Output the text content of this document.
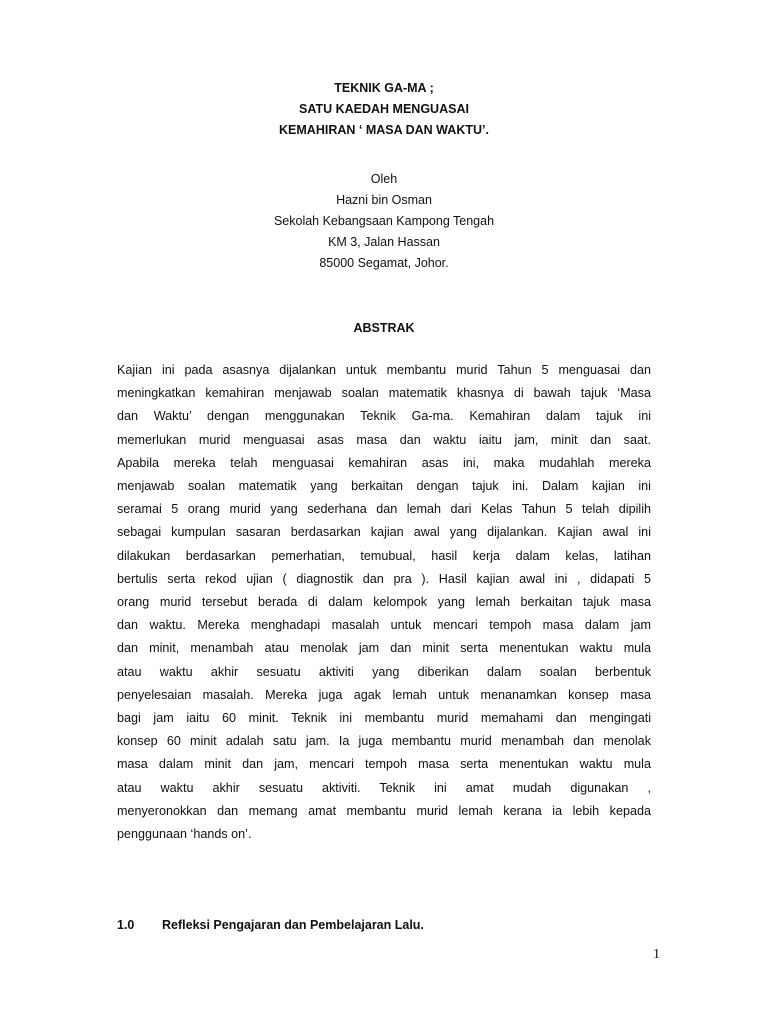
TEKNIK GA-MA ;
SATU KAEDAH MENGUASAI
KEMAHIRAN ‘ MASA DAN WAKTU’.
Oleh
Hazni bin Osman
Sekolah Kebangsaan Kampong Tengah
KM 3, Jalan Hassan
85000 Segamat, Johor.
ABSTRAK
Kajian ini pada asasnya dijalankan untuk membantu murid Tahun 5 menguasai dan
meningkatkan kemahiran menjawab soalan matematik khasnya di bawah tajuk ‘Masa
dan Waktu’ dengan menggunakan Teknik Ga-ma. Kemahiran dalam tajuk ini
memerlukan murid menguasai asas masa dan waktu iaitu jam, minit dan saat.
Apabila mereka telah menguasai kemahiran asas ini, maka mudahlah mereka
menjawab soalan matematik yang berkaitan dengan tajuk ini. Dalam kajian ini
seramai 5 orang murid yang sederhana dan lemah dari Kelas Tahun 5 telah dipilih
sebagai kumpulan sasaran berdasarkan kajian awal yang dijalankan. Kajian awal ini
dilakukan berdasarkan pemerhatian, temubual, hasil kerja dalam kelas, latihan
bertulis serta rekod ujian ( diagnostik dan pra ). Hasil kajian awal ini , didapati 5
orang murid tersebut berada di dalam kelompok yang lemah berkaitan tajuk masa
dan waktu. Mereka menghadapi masalah untuk mencari tempoh masa dalam jam
dan minit, menambah atau menolak jam dan minit serta menentukan waktu mula
atau waktu akhir sesuatu aktiviti yang diberikan dalam soalan berbentuk
penyelesaian masalah. Mereka juga agak lemah untuk menanamkan konsep masa
bagi jam iaitu 60 minit. Teknik ini membantu murid memahami dan mengingati
konsep 60 minit adalah satu jam. Ia juga membantu murid menambah dan menolak
masa dalam minit dan jam, mencari tempoh masa serta menentukan waktu mula
atau waktu akhir sesuatu aktiviti. Teknik ini amat mudah digunakan ,
menyeronokkan dan memang amat membantu murid lemah kerana ia lebih kepada
penggunaan ‘hands on’.
1.0 Refleksi Pengajaran dan Pembelajaran Lalu.
1
